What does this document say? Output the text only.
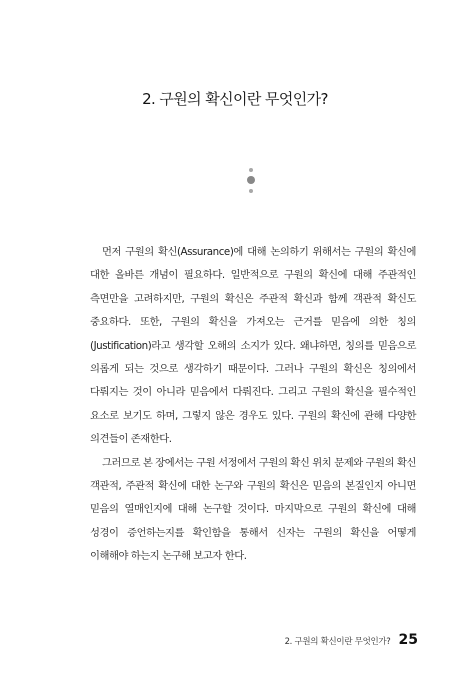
2. 구원의 확신이란 무엇인가?

먼저 구원의 확신(Assurance)에 대해 논의하기 위해서는 구원의 확신에 대한 올바른 개념이 필요하다. 일반적으로 구원의 확신에 대해 주관적인 측면만을 고려하지만, 구원의 확신은 주관적 확신과 함께 객관적 확신도 중요하다. 또한, 구원의 확신을 가져오는 근거를 믿음에 의한 칭의(Justification)라고 생각할 오해의 소지가 있다. 왜냐하면, 칭의를 믿음으로 의롭게 되는 것으로 생각하기 때문이다. 그러나 구원의 확신은 칭의에서 다뤄지는 것이 아니라 믿음에서 다뤄진다. 그리고 구원의 확신을 필수적인 요소로 보기도 하며, 그렇지 않은 경우도 있다. 구원의 확신에 관해 다양한 의견들이 존재한다.

그러므로 본 장에서는 구원 서정에서 구원의 확신 위치 문제와 구원의 확신 객관적, 주관적 확신에 대한 논구와 구원의 확신은 믿음의 본질인지 아니면 믿음의 열매인지에 대해 논구할 것이다. 마지막으로 구원의 확신에 대해 성경이 증언하는지를 확인함을 통해서 신자는 구원의 확신을 어떻게 이해해야 하는지 논구해 보고자 한다.

2. 구원의 확신이란 무엇인가? 25
